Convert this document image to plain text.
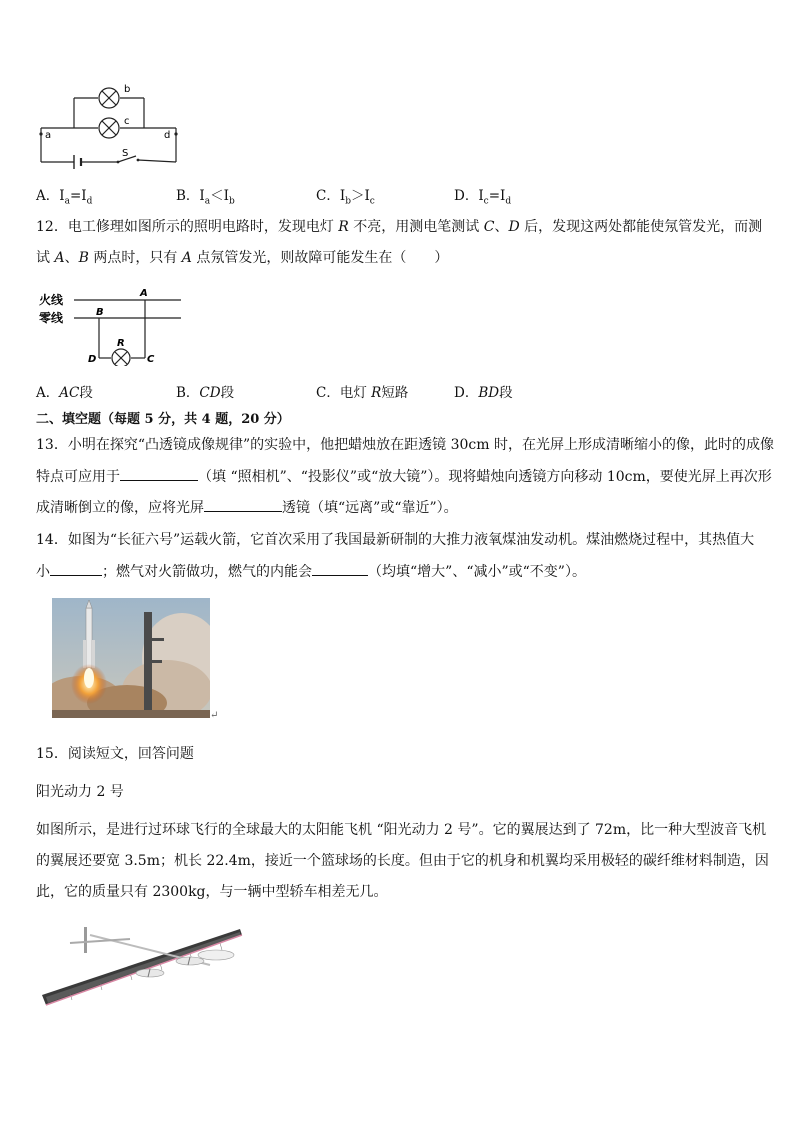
a
b
c
d
S
A．$I_a=I_d$	B．$I_a<I_b$	C．$I_b>I_c$	D．$I_c=I_d$
12．电工修理如图所示的照明电路时，发现电灯 R 不亮，用测电笔测试 C、D 后，发现这两处都能使氖管发光，而测
试 A、B 两点时，只有 A 点氖管发光，则故障可能发生在（　　）
火线
零线
A
B
D
R
C
A．AC段	B．CD段	C．电灯 R短路	D．BD段
二、填空题（每题 5 分，共 4 题，20 分）
13．小明在探究“凸透镜成像规律”的实验中，他把蜡烛放在距透镜 30cm 时，在光屏上形成清晰缩小的像，此时的成像
特点可应用于	（填 “照相机”、“投影仪”或“放大镜”）。现将蜡烛向透镜方向移动 10cm，要使光屏上再次形
成清晰倒立的像，应将光屏	透镜（填“远离”或“靠近”）。
14．如图为“长征六号”运载火箭，它首次采用了我国最新研制的大推力液氧煤油发动机。煤油燃烧过程中，其热值大
小	；燃气对火箭做功，燃气的内能会	（均填“增大”、“减小”或“不变”）。
↵
15．阅读短文，回答问题
阳光动力 2 号
如图所示，是进行过环球飞行的全球最大的太阳能飞机 “阳光动力 2 号”。它的翼展达到了 72m，比一种大型波音飞机
的翼展还要宽 3.5m；机长 22.4m，接近一个篮球场的长度。但由于它的机身和机翼均采用极轻的碳纤维材料制造，因
此，它的质量只有 2300kg，与一辆中型轿车相差无几。
